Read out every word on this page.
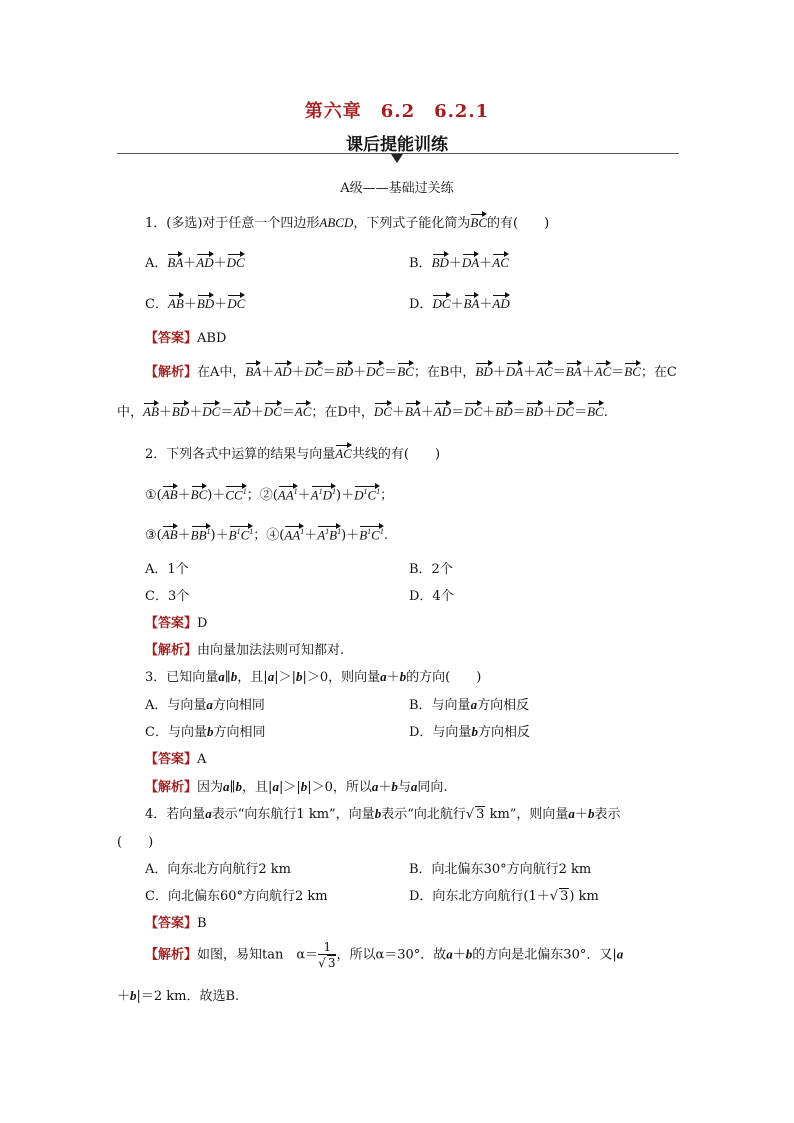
第六章　6.2　6.2.1
课后提能训练
A级——基础过关练
1．(多选)对于任意一个四边形ABCD，下列式子能化简为BC的有(　　)
A．BA＋AD＋DC	B．BD＋DA＋AC
C．AB＋BD＋DC	D．DC＋BA＋AD
【答案】ABD
【解析】在A中，BA＋AD＋DC＝BD＋DC＝BC；在B中，BD＋DA＋AC＝BA＋AC＝BC；在C
中，AB＋BD＋DC＝AD＋DC＝AC；在D中，DC＋BA＋AD＝DC＋BD＝BD＋DC＝BC.
2．下列各式中运算的结果与向量AC共线的有(　　)
$①(AB+BC)+CC^1$；$②(AA^1+A^1D^1)+D^1C^1$；
$③(AB+BB^1)+B^1C^1$；$④(AA^1+A^1B^1)+B^1C^1$.
A．1个	B．2个
C．3个	D．4个
【答案】D
【解析】由向量加法法则可知都对.
3．已知向量a∥b，且|a|＞|b|＞0，则向量a＋b的方向(　　)
A．与向量a方向相同	B．与向量a方向相反
C．与向量b方向相同	D．与向量b方向相反
【答案】A
【解析】因为a∥b，且|a|＞|b|＞0，所以a＋b与a同向.
4．若向量a表示“向东航行1 km”，向量b表示“向北航行√ 3 km”，则向量a＋b表示
(　　)
A．向东北方向航行2 km	B．向北偏东30°方向航行2 km
C．向北偏东60°方向航行2 km	D．向东北方向航行(1＋√ 3) km
【答案】B
【解析】如图，易知tan　$\alpha= \frac{1}{√ 3}$ ，所以α＝30°．故a＋b的方向是北偏东30°．又|a
＋b|＝2 km．故选B.
